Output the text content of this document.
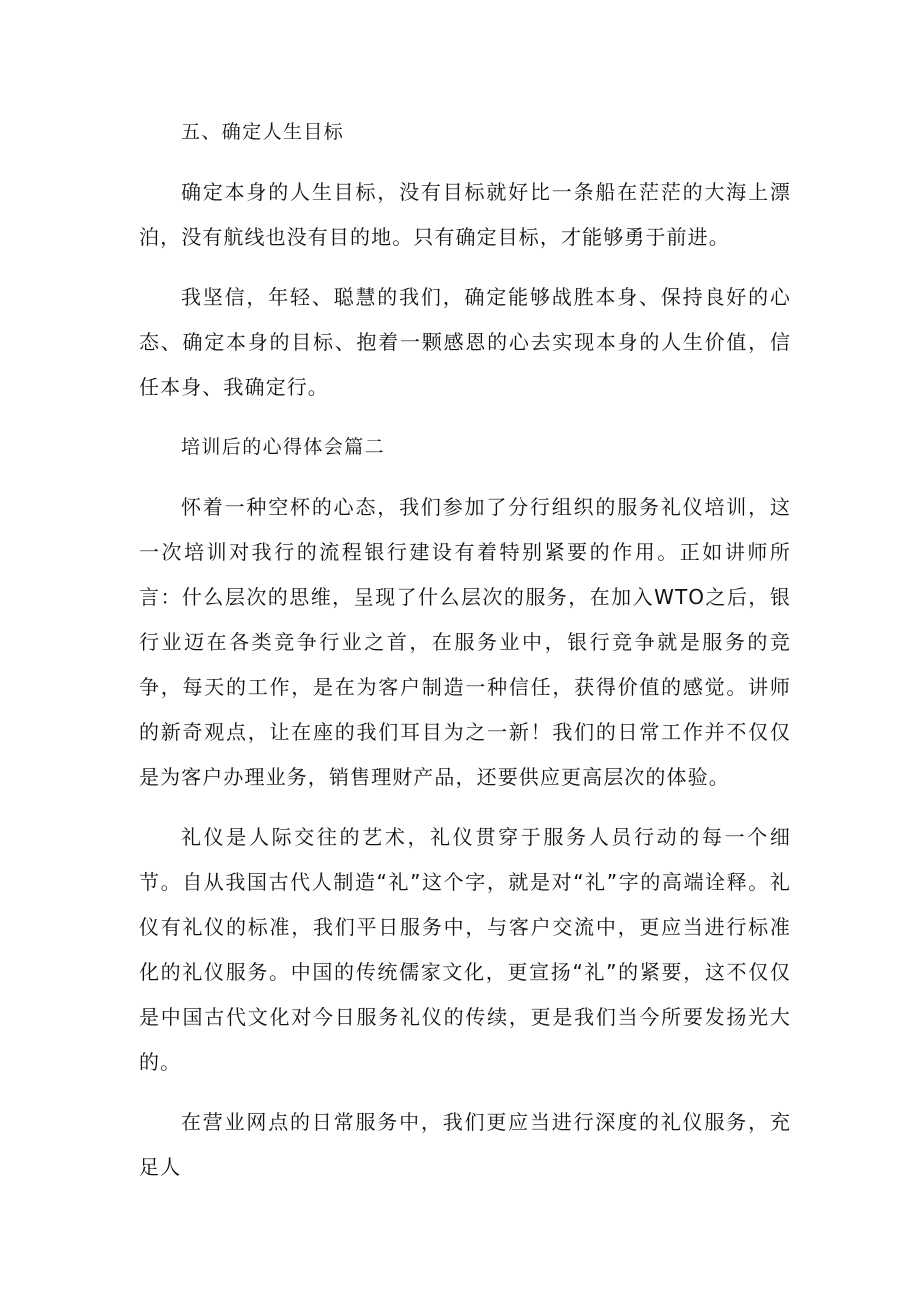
五、确定人生目标

确定本身的人生目标，没有目标就好比一条船在茫茫的大海上漂泊，没有航线也没有目的地。只有确定目标，才能够勇于前进。

我坚信，年轻、聪慧的我们，确定能够战胜本身、保持良好的心态、确定本身的目标、抱着一颗感恩的心去实现本身的人生价值，信任本身、我确定行。

培训后的心得体会篇二

怀着一种空杯的心态，我们参加了分行组织的服务礼仪培训，这一次培训对我行的流程银行建设有着特别紧要的作用。正如讲师所言：什么层次的思维，呈现了什么层次的服务，在加入WTO之后，银行业迈在各类竞争行业之首，在服务业中，银行竞争就是服务的竞争，每天的工作，是在为客户制造一种信任，获得价值的感觉。讲师的新奇观点，让在座的我们耳目为之一新！我们的日常工作并不仅仅是为客户办理业务，销售理财产品，还要供应更高层次的体验。

礼仪是人际交往的艺术，礼仪贯穿于服务人员行动的每一个细节。自从我国古代人制造“礼”这个字，就是对“礼”字的高端诠释。礼仪有礼仪的标准，我们平日服务中，与客户交流中，更应当进行标准化的礼仪服务。中国的传统儒家文化，更宣扬“礼”的紧要，这不仅仅是中国古代文化对今日服务礼仪的传续，更是我们当今所要发扬光大的。

在营业网点的日常服务中，我们更应当进行深度的礼仪服务，充足人
